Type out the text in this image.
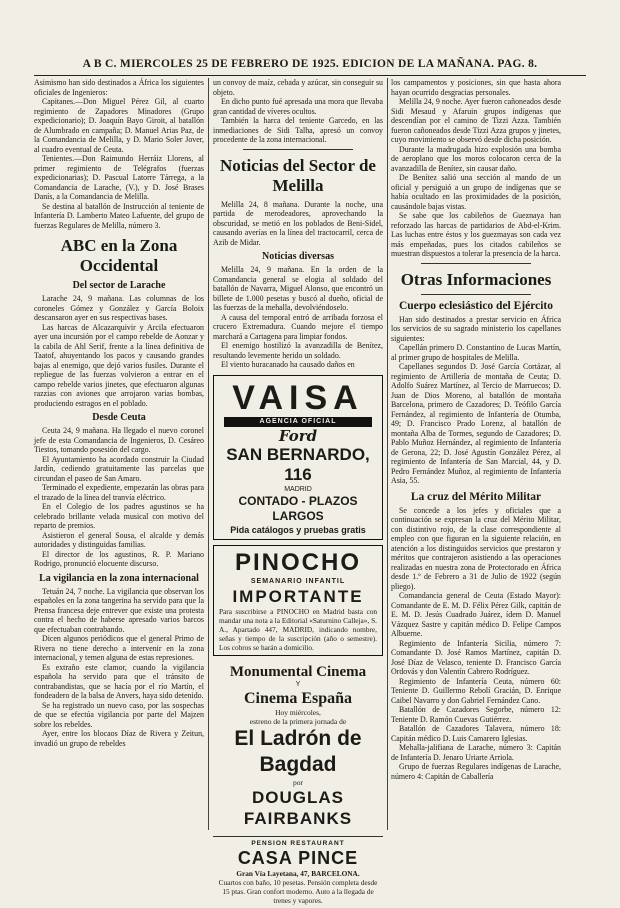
A B C. MIERCOLES 25 DE FEBRERO DE 1925. EDICION DE LA MAÑANA. PAG. 8.

Asimismo han sido destinados a África los siguientes oficiales de Ingenieros:

Capitanes.—Don Miguel Pérez Gil, al cuarto regimiento de Zapadores Minadores (Grupo expedicionario); D. Joaquín Bayo Giroit, al batallón de Alumbrado en campaña; D. Manuel Arias Paz, de la Comandancia de Melilla, y D. Mario Soler Jover, al cuadro eventual de Ceuta.

Tenientes.—Don Raimundo Herráiz Llorens, al primer regimiento de Telégrafos (fuerzas expedicionarias); D. Pascual Latorre Tárrega, a la Comandancia de Larache, (V.), y D. José Brases Danís, a la Comandancia de Melilla.

Se destina al batallón de Instrucción al teniente de Infantería D. Lamberto Mateo Lafuente, del grupo de fuerzas Regulares de Melilla, número 3.

ABC en la Zona Occidental
Del sector de Larache

Larache 24, 9 mañana. Las columnas de los coroneles Gómez y González y García Boloix descansaron ayer en sus respectivas bases.

Las harcas de Alcazarquivir y Arcila efectuaron ayer una incursión por el campo rebelde de Aonzar y la cabila de Ahl Serif, frente a la línea definitiva de Taatof, ahuyentando los pacos y causando grandes bajas al enemigo, que dejó varios fusiles. Durante el repliegue de las fuerzas volvieron a entrar en el campo rebelde varios jinetes, que efectuaron algunas razzias con aviones que arrojaron varias bombas, produciendo estragos en el poblado.

Desde Ceuta

Ceuta 24, 9 mañana. Ha llegado el nuevo coronel jefe de esta Comandancia de Ingenieros, D. Cesáreo Tiestos, tomando posesión del cargo.

El Ayuntamiento ha acordado construir la Ciudad Jardín, cediendo gratuitamente las parcelas que circundan el paseo de San Amaro.

Terminado el expediente, empezarán las obras para el trazado de la línea del tranvía eléctrico.

En el Colegio de los padres agustinos se ha celebrado brillante velada musical con motivo del reparto de premios.

Asistieron el general Sousa, el alcalde y demás autoridades y distinguidas familias.

El director de los agustinos, R. P. Mariano Rodrigo, pronunció elocuente discurso.

La vigilancia en la zona internacional

Tetuán 24, 7 noche. La vigilancia que observan los españoles en la zona tangerina ha servido para que la Prensa francesa deje entrever que existe una protesta contra el hecho de haberse apresado varios barcos que efectuaban contrabando.

Dicen algunos periódicos que el general Primo de Rivera no tiene derecho a intervenir en la zona internacional, y temen alguna de estas represiones.

Es extraño este clamor, cuando la vigilancia española ha servido para que el tránsito de contrabandistas, que se hacía por el río Martín, el fondeadero de la balsa de Anvers, haya sido detenido.

Se ha registrado un nuevo caso, por las sospechas de que se efectúa vigilancia por parte del Majzen sobre los rebeldes.

Ayer, entre los blocaos Díaz de Rivera y Zeitun, invadió un grupo de rebeldes

un convoy de maíz, cebada y azúcar, sin conseguir su objeto.

En dicho punto fué apresada una mora que llevaba gran cantidad de víveres ocultos.

También la harca del teniente Garcedo, en las inmediaciones de Sidi Talha, apresó un convoy procedente de la zona internacional.

Noticias del Sector de Melilla

Melilla 24, 8 mañana. Durante la noche, una partida de merodeadores, aprovechando la obscuridad, se metió en los poblados de Beni-Sidel, causando averías en la línea del tractocarril, cerca de Azib de Midar.

Noticias diversas

Melilla 24, 9 mañana. En la orden de la Comandancia general se elogia al soldado del batallón de Navarra, Miguel Alonso, que encontró un billete de 1.000 pesetas y buscó al dueño, oficial de las fuerzas de la mehalla, devolviéndoselo.

A causa del temporal entró de arribada forzosa el crucero Extremadura. Cuando mejore el tiempo marchará a Cartagena para limpiar fondos.

El enemigo hostilizó la avanzadilla de Benítez, resultando levemente herido un soldado.

El viento huracanado ha causado daños en

VAISA
AGENCIA OFICIAL
Ford
SAN BERNARDO, 116
MADRID
CONTADO - PLAZOS LARGOS
Pida catálogos y pruebas gratis
PINOCHO
SEMANARIO INFANTIL
IMPORTANTE
Para suscribirse a PINOCHO en Madrid basta con mandar una nota a la Editorial «Saturnino Calleja», S. A., Apartado 447, MADRID, indicando nombre, señas y tiempo de la suscripción (año o semestre). Los cobros se harán a domicilio.
Monumental Cinema
Y
Cinema España
Hoy miércoles,
estreno de la primera jornada de
El Ladrón de Bagdad
por
DOUGLAS FAIRBANKS
PENSION RESTAURANT
CASA PINCE
Gran Vía Layetana, 47, BARCELONA.
Cuartos con baño, 10 pesetas. Pensión completa desde 15 ptas. Gran confort moderno. Auto a la llegada de trenes y vapores.

los campamentos y posiciones, sin que hasta ahora hayan ocurrido desgracias personales.

Melilla 24, 9 noche. Ayer fueron cañoneados desde Sidi Mesaud y Afaruin grupos indígenas que descendían por el camino de Tizzi Azza. También fueron cañoneados desde Tizzi Azza grupos y jinetes, cuyo movimiento se observó desde dicha posición.

Durante la madrugada hizo explosión una bomba de aeroplano que los moros colocaron cerca de la avanzadilla de Benítez, sin causar daño.

De Benítez salió una sección al mando de un oficial y persiguió a un grupo de indígenas que se había ocultado en las proximidades de la posición, causándole bajas vistas.

Se sabe que los cabileños de Gueznaya han reforzado las harcas de partidarios de Abd-el-Krim. Las luchas entre éstos y los guezmayas son cada vez más empeñadas, pues los citados cabileños se muestran dispuestos a tolerar la presencia de la harca.

Otras Informaciones
Cuerpo eclesiástico del Ejército

Han sido destinados a prestar servicio en África los servicios de su sagrado ministerio los capellanes siguientes:

Capellán primero D. Constantino de Lucas Martín, al primer grupo de hospitales de Melilla.

Capellanes segundos D. José García Cortázar, al regimiento de Artillería de montaña de Ceuta; D. Adolfo Suárez Martínez, al Tercio de Marruecos; D. Juan de Dios Moreno, al batallón de montaña Barcelona, primero de Cazadores; D. Teófilo García Fernández, al regimiento de Infantería de Otumba, 49; D. Francisco Prado Lorenz, al batallón de montaña Alba de Tormes, segundo de Cazadores; D. Pablo Muñoz Hernández, al regimiento de Infantería de Gerona, 22; D. José Agustín González Pérez, al regimiento de Infantería de San Marcial, 44, y D. Pedro Fernández Muñoz, al regimiento de Infantería Asia, 55.

La cruz del Mérito Militar

Se concede a los jefes y oficiales que a continuación se expresan la cruz del Mérito Militar, con distintivo rojo, de la clase correspondiente al empleo con que figuran en la siguiente relación, en atención a los distinguidos servicios que prestaron y méritos que contrajeron asistiendo a las operaciones realizadas en nuestra zona de Protectorado en África desde 1.º de Febrero a 31 de Julio de 1922 (según pliego).

Comandancia general de Ceuta (Estado Mayor): Comandante de E. M. D. Félix Pérez Gilk, capitán de E. M. D. Jesús Cuadrado Juárez, ídem D. Manuel Vázquez Sastre y capitán médico D. Felipe Campos Albuerne.

Regimiento de Infantería Sicilia, número 7: Comandante D. José Ramos Martínez, capitán D. José Díaz de Velasco, teniente D. Francisco García Ordovás y don Valentín Cabrero Rodríguez.

Regimiento de Infantería Ceuta, número 60: Teniente D. Guillermo Rebolí Gracián, D. Enrique Caibel Navarro y don Gabriel Fernández Cano.

Batallón de Cazadores Segorbe, número 12: Teniente D. Ramón Cuevas Gutiérrez.

Batallón de Cazadores Talavera, número 18: Capitán médico D. Luis Camarero Iglesias.

Mehalla-jalifiana de Larache, número 3: Capitán de Infantería D. Jenaro Uriarte Arriola.

Grupo de fuerzas Regulares indígenas de Larache, número 4: Capitán de Caballería
